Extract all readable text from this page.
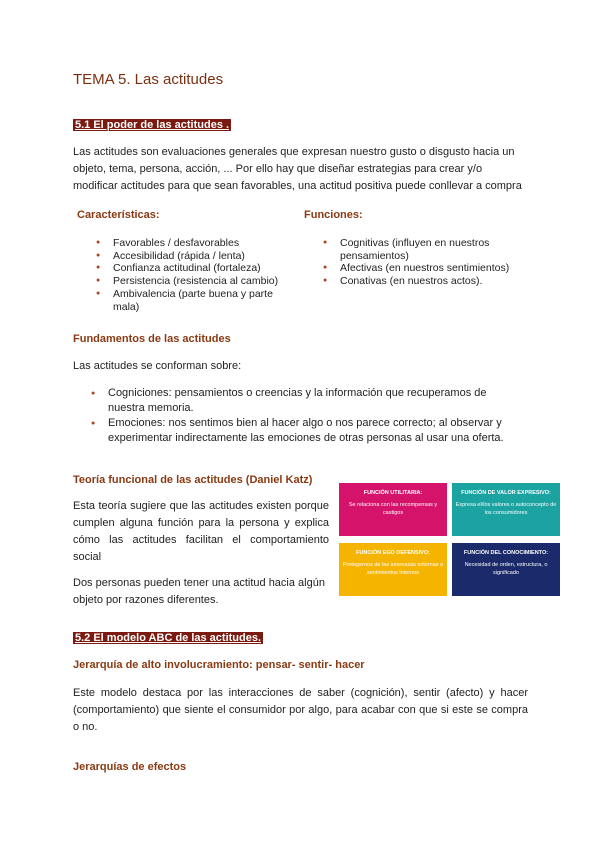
TEMA 5. Las actitudes
5.1 El poder de las actitudes .
Las actitudes son evaluaciones generales que expresan nuestro gusto o disgusto hacia un objeto, tema, persona, acción, ... Por ello hay que diseñar estrategias para crear y/o modificar actitudes para que sean favorables, una actitud positiva puede conllevar a compra
Características:
● Favorables / desfavorables
● Accesibilidad (rápida / lenta)
● Confianza actitudinal (fortaleza)
● Persistencia (resistencia al cambio)
● Ambivalencia (parte buena y parte mala)
Funciones:
● Cognitivas (influyen en nuestros pensamientos)
● Afectivas (en nuestros sentimientos)
● Conativas (en nuestros actos).
Fundamentos de las actitudes
Las actitudes se conforman sobre:
● Cogniciones: pensamientos o creencias y la información que recuperamos de nuestra memoria.
● Emociones: nos sentimos bien al hacer algo o nos parece correcto; al observar y experimentar indirectamente las emociones de otras personas al usar una oferta.
Teoría funcional de las actitudes (Daniel Katz)
Esta teoría sugiere que las actitudes existen porque cumplen alguna función para la persona y explica cómo las actitudes facilitan el comportamiento social
Dos personas pueden tener una actitud hacia algún objeto por razones diferentes.
FUNCIÓN UTILITARIA:
Se relaciona con las recompensas y castigos
FUNCIÓN DE VALOR EXPRESIVO:
Expresa el/los valores o autoconcepto de los consumidores
FUNCIÓN EGO DEFENSIVO:
Protegernos de las amenazas externas o sentimientos internos
FUNCIÓN DEL CONOCIMIENTO:
Necesidad de orden, estructura, o significado
5.2 El modelo ABC de las actitudes.
Jerarquía de alto involucramiento: pensar- sentir- hacer
Este modelo destaca por las interacciones de saber (cognición), sentir (afecto) y hacer (comportamiento) que siente el consumidor por algo, para acabar con que si este se compra o no.
Jerarquías de efectos
